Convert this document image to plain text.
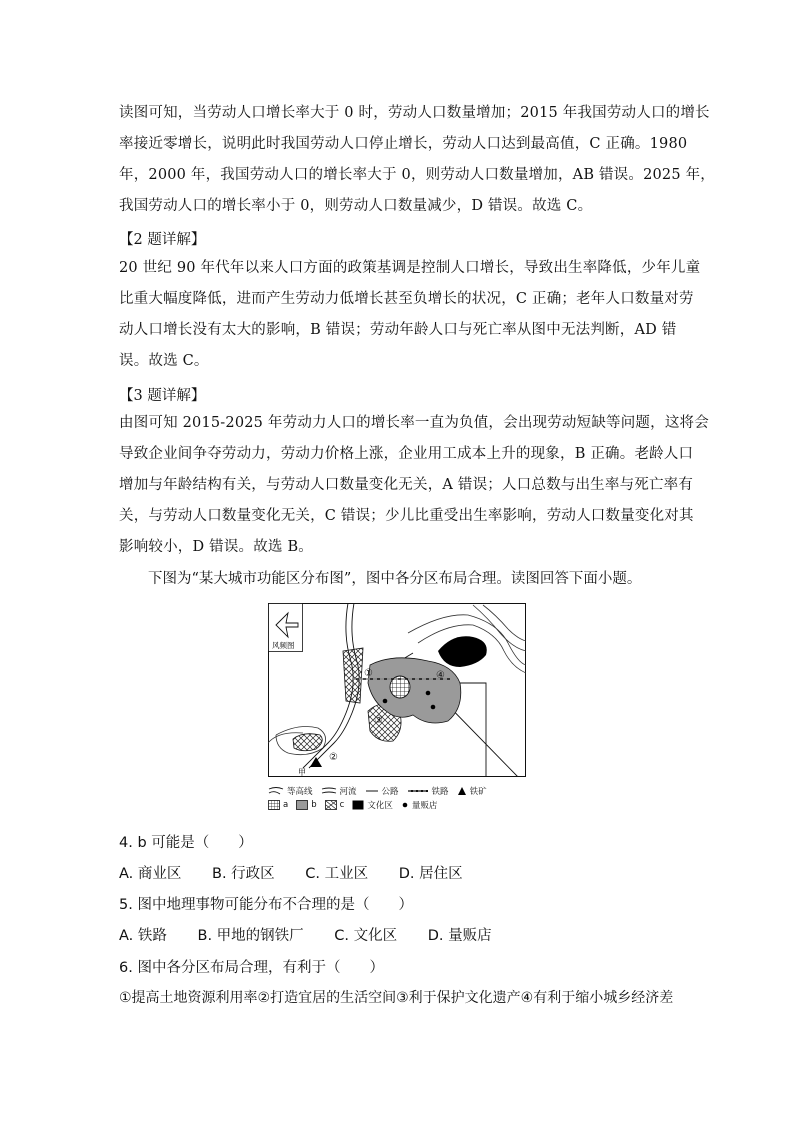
读图可知，当劳动人口增长率大于 0 时，劳动人口数量增加；2015 年我国劳动人口的增长
率接近零增长，说明此时我国劳动人口停止增长，劳动人口达到最高值，C 正确。1980
年，2000 年，我国劳动人口的增长率大于 0，则劳动人口数量增加，AB 错误。2025 年，
我国劳动人口的增长率小于 0，则劳动人口数量减少，D 错误。故选 C。
【2 题详解】
20 世纪 90 年代年以来人口方面的政策基调是控制人口增长，导致出生率降低，少年儿童
比重大幅度降低，进而产生劳动力低增长甚至负增长的状况，C 正确；老年人口数量对劳
动人口增长没有太大的影响，B 错误；劳动年龄人口与死亡率从图中无法判断，AD 错
误。故选 C。
【3 题详解】
由图可知 2015-2025 年劳动力人口的增长率一直为负值，会出现劳动短缺等问题，这将会
导致企业间争夺劳动力，劳动力价格上涨，企业用工成本上升的现象，B 正确。老龄人口
增加与年龄结构有关，与劳动人口数量变化无关，A 错误；人口总数与出生率与死亡率有
关，与劳动人口数量变化无关，C 错误；少儿比重受出生率影响，劳动人口数量变化对其
影响较小，D 错误。故选 B。
下图为“某大城市功能区分布图”，图中各分区布局合理。读图回答下面小题。
风频图
①
②
③
④
甲
等高线	河流	公路	铁路 铁矿
a	b	c	文化区 量贩店
4. b 可能是（　　）
A. 商业区 B. 行政区 C. 工业区 D. 居住区
5. 图中地理事物可能分布不合理的是（　　）
A. 铁路 B. 甲地的钢铁厂 C. 文化区 D. 量贩店
6. 图中各分区布局合理，有利于（　　）
①提高土地资源利用率②打造宜居的生活空间③利于保护文化遗产④有利于缩小城乡经济差
